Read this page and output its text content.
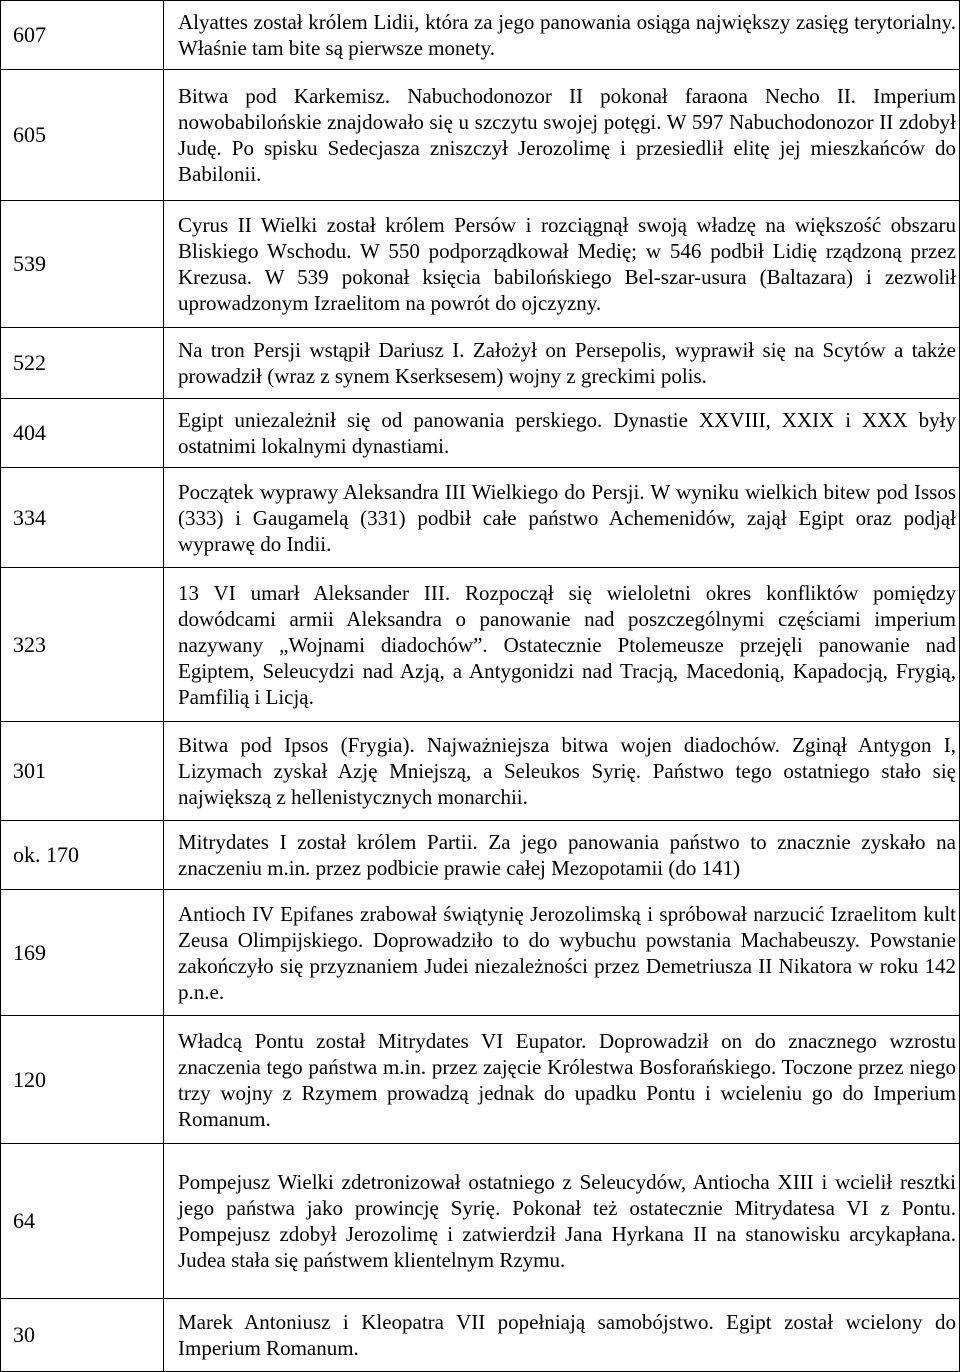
607	Alyattes został królem Lidii, która za jego panowania osiąga największy zasięg terytorialny. Właśnie tam bite są pierwsze monety.
605	Bitwa pod Karkemisz. Nabuchodonozor II pokonał faraona Necho II. Imperium nowobabilońskie znajdowało się u szczytu swojej potęgi. W 597 Nabuchodonozor II zdobył Judę. Po spisku Sedecjasza zniszczył Jerozolimę i przesiedlił elitę jej mieszkańców do Babilonii.
539	Cyrus II Wielki został królem Persów i rozciągnął swoją władzę na większość obszaru Bliskiego Wschodu. W 550 podporządkował Medię; w 546 podbił Lidię rządzoną przez Krezusa. W 539 pokonał księcia babilońskiego Bel-szar-usura (Baltazara) i zezwolił uprowadzonym Izraelitom na powrót do ojczyzny.
522	Na tron Persji wstąpił Dariusz I. Założył on Persepolis, wyprawił się na Scytów a także prowadził (wraz z synem Kserksesem) wojny z greckimi polis.
404	Egipt uniezależnił się od panowania perskiego. Dynastie XXVIII, XXIX i XXX były ostatnimi lokalnymi dynastiami.
334	Początek wyprawy Aleksandra III Wielkiego do Persji. W wyniku wielkich bitew pod Issos (333) i Gaugamelą (331) podbił całe państwo Achemenidów, zajął Egipt oraz podjął wyprawę do Indii.
323	13 VI umarł Aleksander III. Rozpoczął się wieloletni okres konfliktów pomiędzy dowódcami armii Aleksandra o panowanie nad poszczególnymi częściami imperium nazywany „Wojnami diadochów”. Ostatecznie Ptolemeusze przejęli panowanie nad Egiptem, Seleucydzi nad Azją, a Antygonidzi nad Tracją, Macedonią, Kapadocją, Frygią, Pamfilią i Licją.
301	Bitwa pod Ipsos (Frygia). Najważniejsza bitwa wojen diadochów. Zginął Antygon I, Lizymach zyskał Azję Mniejszą, a Seleukos Syrię. Państwo tego ostatniego stało się największą z hellenistycznych monarchii.
ok. 170	Mitrydates I został królem Partii. Za jego panowania państwo to znacznie zyskało na znaczeniu m.in. przez podbicie prawie całej Mezopotamii (do 141)
169	Antioch IV Epifanes zrabował świątynię Jerozolimską i spróbował narzucić Izraelitom kult Zeusa Olimpijskiego. Doprowadziło to do wybuchu powstania Machabeuszy. Powstanie zakończyło się przyznaniem Judei niezależności przez Demetriusza II Nikatora w roku 142 p.n.e.
120	Władcą Pontu został Mitrydates VI Eupator. Doprowadził on do znacznego wzrostu znaczenia tego państwa m.in. przez zajęcie Królestwa Bosforańskiego. Toczone przez niego trzy wojny z Rzymem prowadzą jednak do upadku Pontu i wcieleniu go do Imperium Romanum.
64	Pompejusz Wielki zdetronizował ostatniego z Seleucydów, Antiocha XIII i wcielił resztki jego państwa jako prowincję Syrię. Pokonał też ostatecznie Mitrydatesa VI z Pontu. Pompejusz zdobył Jerozolimę i zatwierdził Jana Hyrkana II na stanowisku arcykapłana. Judea stała się państwem klientelnym Rzymu.
30	Marek Antoniusz i Kleopatra VII popełniają samobójstwo. Egipt został wcielony do Imperium Romanum.
